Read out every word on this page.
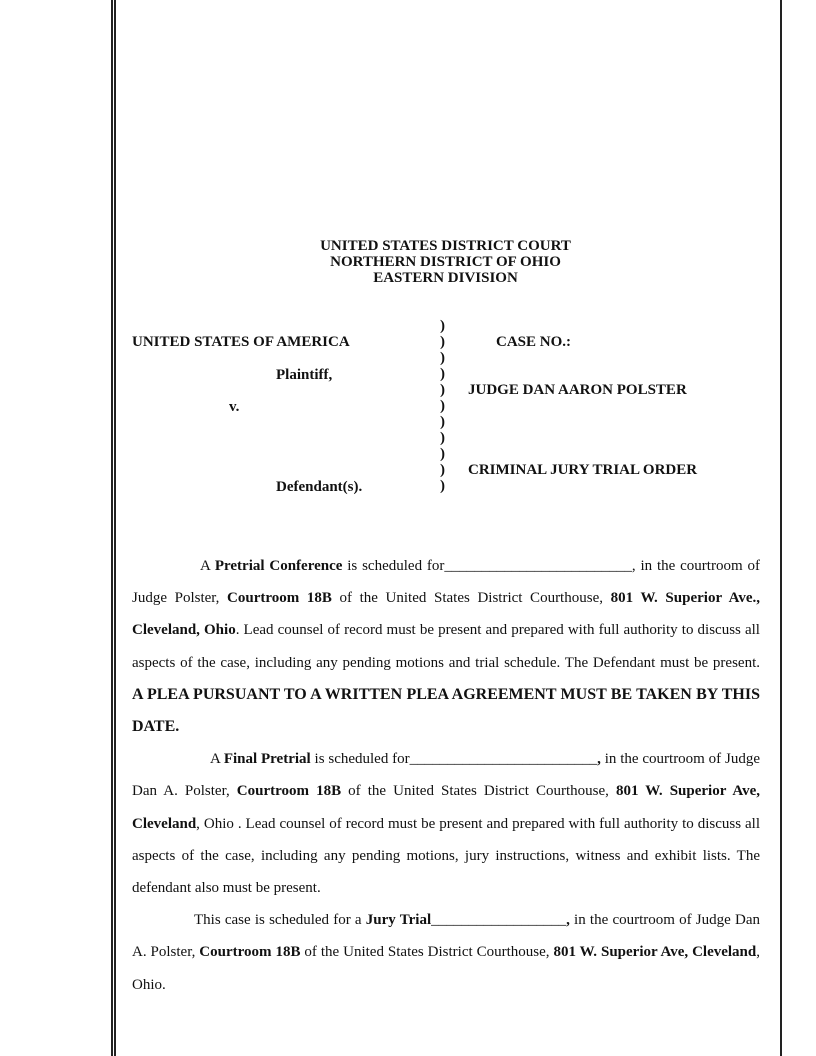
UNITED STATES DISTRICT COURT
NORTHERN DISTRICT OF OHIO
EASTERN DIVISION
UNITED STATES OF AMERICA
Plaintiff,
v.
Defendant(s).
CASE NO.:
JUDGE DAN AARON POLSTER
CRIMINAL JURY TRIAL ORDER
)
)
)
)
)
)
)
)
)
)
)

A Pretrial Conference is scheduled for_________________________, in the courtroom of Judge Polster, Courtroom 18B of the United States District Courthouse, 801 W. Superior Ave., Cleveland, Ohio. Lead counsel of record must be present and prepared with full authority to discuss all aspects of the case, including any pending motions and trial schedule. The Defendant must be present. A PLEA PURSUANT TO A WRITTEN PLEA AGREEMENT MUST BE TAKEN BY THIS DATE.

A Final Pretrial is scheduled for_________________________, in the courtroom of Judge Dan A. Polster, Courtroom 18B of the United States District Courthouse, 801 W. Superior Ave, Cleveland, Ohio . Lead counsel of record must be present and prepared with full authority to discuss all aspects of the case, including any pending motions, jury instructions, witness and exhibit lists. The defendant also must be present.

This case is scheduled for a Jury Trial__________________, in the courtroom of Judge Dan A. Polster, Courtroom 18B of the United States District Courthouse, 801 W. Superior Ave, Cleveland, Ohio.
